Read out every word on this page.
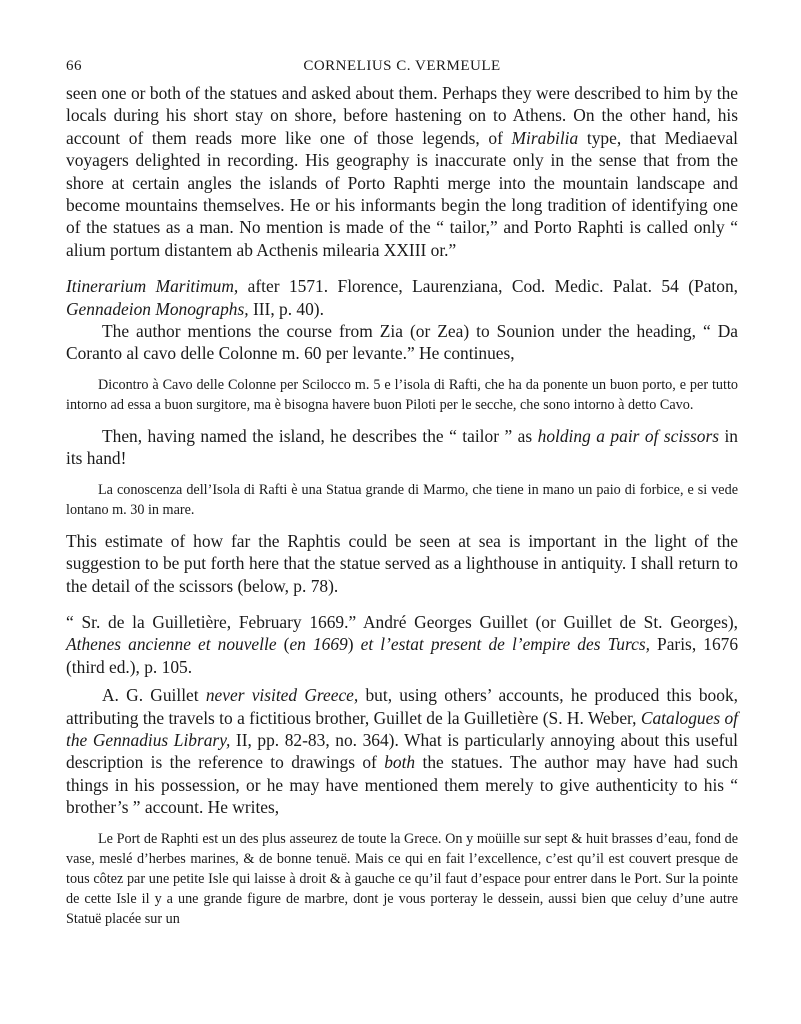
66	CORNELIUS C. VERMEULE

seen one or both of the statues and asked about them. Perhaps they were described to him by the locals during his short stay on shore, before hastening on to Athens. On the other hand, his account of them reads more like one of those legends, of Mirabilia type, that Mediaeval voyagers delighted in recording. His geography is inaccurate only in the sense that from the shore at certain angles the islands of Porto Raphti merge into the mountain landscape and become mountains themselves. He or his informants begin the long tradition of identifying one of the statues as a man. No mention is made of the “ tailor,” and Porto Raphti is called only “ alium portum distantem ab Acthenis milearia XXIII or.”

Itinerarium Maritimum, after 1571. Florence, Laurenziana, Cod. Medic. Palat. 54 (Paton, Gennadeion Monographs, III, p. 40).

The author mentions the course from Zia (or Zea) to Sounion under the heading, “ Da Coranto al cavo delle Colonne m. 60 per levante.” He continues,

Dicontro à Cavo delle Colonne per Scilocco m. 5 e l’isola di Rafti, che ha da ponente un buon porto, e per tutto intorno ad essa a buon surgitore, ma è bisogna havere buon Piloti per le secche, che sono intorno à detto Cavo.

Then, having named the island, he describes the “ tailor ” as holding a pair of scissors in its hand!

La conoscenza dell’Isola di Rafti è una Statua grande di Marmo, che tiene in mano un paio di forbice, e si vede lontano m. 30 in mare.

This estimate of how far the Raphtis could be seen at sea is important in the light of the suggestion to be put forth here that the statue served as a lighthouse in antiquity. I shall return to the detail of the scissors (below, p. 78).

“ Sr. de la Guilletière, February 1669.” André Georges Guillet (or Guillet de St. Georges), Athenes ancienne et nouvelle (en 1669) et l’estat present de l’empire des Turcs, Paris, 1676 (third ed.), p. 105.

A. G. Guillet never visited Greece, but, using others’ accounts, he produced this book, attributing the travels to a fictitious brother, Guillet de la Guilletière (S. H. Weber, Catalogues of the Gennadius Library, II, pp. 82-83, no. 364). What is particularly annoying about this useful description is the reference to drawings of both the statues. The author may have had such things in his possession, or he may have mentioned them merely to give authenticity to his “ brother’s ” account. He writes,

Le Port de Raphti est un des plus asseurez de toute la Grece. On y moüille sur sept & huit brasses d’eau, fond de vase, meslé d’herbes marines, & de bonne tenuë. Mais ce qui en fait l’excellence, c’est qu’il est couvert presque de tous côtez par une petite Isle qui laisse à droit & à gauche ce qu’il faut d’espace pour entrer dans le Port. Sur la pointe de cette Isle il y a une grande figure de marbre, dont je vous porteray le dessein, aussi bien que celuy d’une autre Statuë placée sur un
